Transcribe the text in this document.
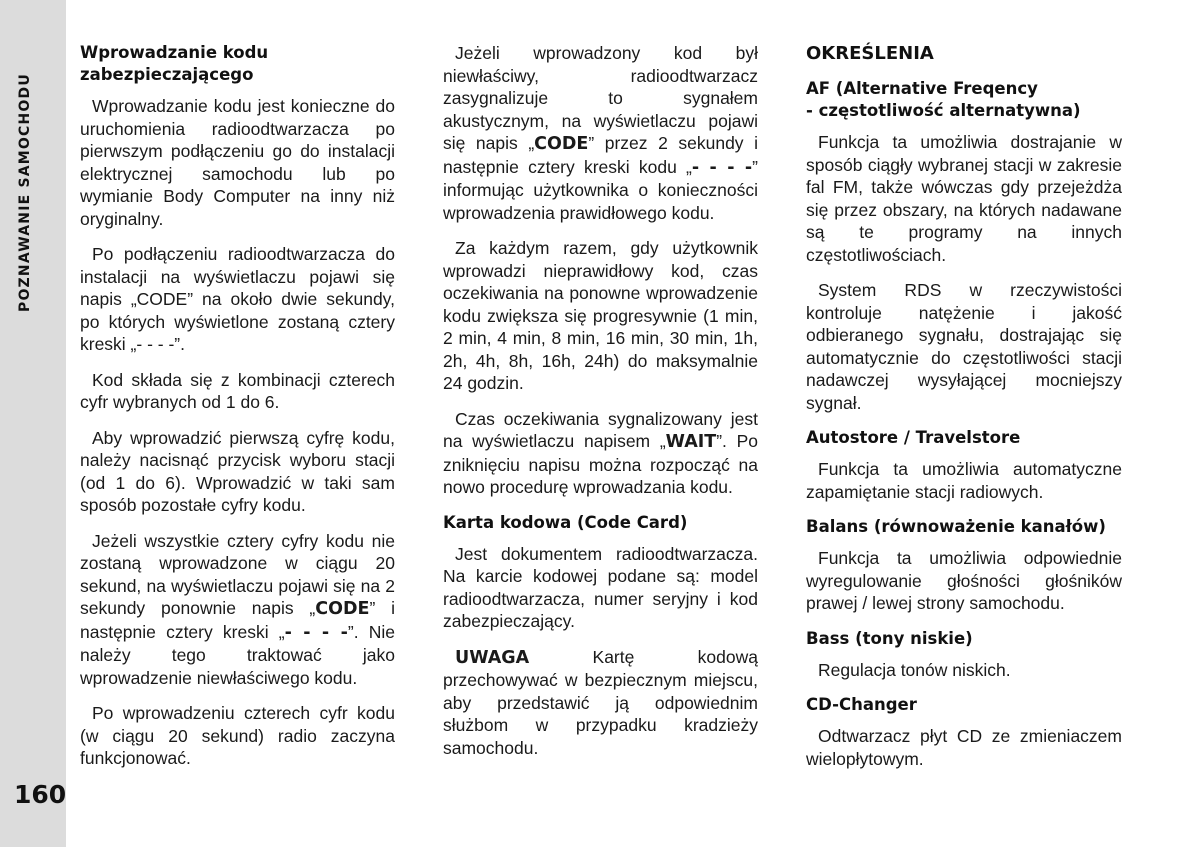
POZNAWANIE SAMOCHODU
160
Wprowadzanie kodu
zabezpieczającego

Wprowadzanie kodu jest konieczne do uruchomienia radioodtwarzacza po pierwszym podłączeniu go do instalacji elektrycznej samochodu lub po wymianie Body Computer na inny niż oryginalny.

Po podłączeniu radioodtwarzacza do instalacji na wyświetlaczu pojawi się napis „CODE” na około dwie sekundy, po których wyświetlone zostaną cztery kreski „- - - -”.

Kod składa się z kombinacji czterech cyfr wybranych od 1 do 6.

Aby wprowadzić pierwszą cyfrę kodu, należy nacisnąć przycisk wyboru stacji (od 1 do 6). Wprowadzić w taki sam sposób pozostałe cyfry kodu.

Jeżeli wszystkie cztery cyfry kodu nie zostaną wprowadzone w ciągu 20 sekund, na wyświetlaczu pojawi się na 2 sekundy ponownie napis „CODE” i następnie cztery kreski „- - - -”. Nie należy tego traktować jako wprowadzenie niewłaściwego kodu.

Po wprowadzeniu czterech cyfr kodu (w ciągu 20 sekund) radio zaczyna funkcjonować.

Jeżeli wprowadzony kod był niewłaściwy, radioodtwarzacz zasygnalizuje to sygnałem akustycznym, na wyświetlaczu pojawi się napis „CODE” przez 2 sekundy i następnie cztery kreski kodu „- - - -” informując użytkownika o konieczności wprowadzenia prawidłowego kodu.

Za każdym razem, gdy użytkownik wprowadzi nieprawidłowy kod, czas oczekiwania na ponowne wprowadzenie kodu zwiększa się progresywnie (1 min, 2 min, 4 min, 8 min, 16 min, 30 min, 1h, 2h, 4h, 8h, 16h, 24h) do maksymalnie 24 godzin.

Czas oczekiwania sygnalizowany jest na wyświetlaczu napisem „WAIT”. Po zniknięciu napisu można rozpocząć na nowo procedurę wprowadzania kodu.

Karta kodowa (Code Card)

Jest dokumentem radioodtwarzacza. Na karcie kodowej podane są: model radioodtwarzacza, numer seryjny i kod zabezpieczający.

UWAGA Kartę kodową przechowywać w bezpiecznym miejscu, aby przedstawić ją odpowiednim służbom w przypadku kradzieży samochodu.

OKREŚLENIA
AF (Alternative Freqency
- częstotliwość alternatywna)

Funkcja ta umożliwia dostrajanie w sposób ciągły wybranej stacji w zakresie fal FM, także wówczas gdy przejeżdża się przez obszary, na których nadawane są te programy na innych częstotliwościach.

System RDS w rzeczywistości kontroluje natężenie i jakość odbieranego sygnału, dostrajając się automatycznie do częstotliwości stacji nadawczej wysyłającej mocniejszy sygnał.

Autostore / Travelstore

Funkcja ta umożliwia automatyczne zapamiętanie stacji radiowych.

Balans (równoważenie kanałów)

Funkcja ta umożliwia odpowiednie wyregulowanie głośności głośników prawej / lewej strony samochodu.

Bass (tony niskie)

Regulacja tonów niskich.

CD-Changer

Odtwarzacz płyt CD ze zmieniaczem wielopłytowym.
